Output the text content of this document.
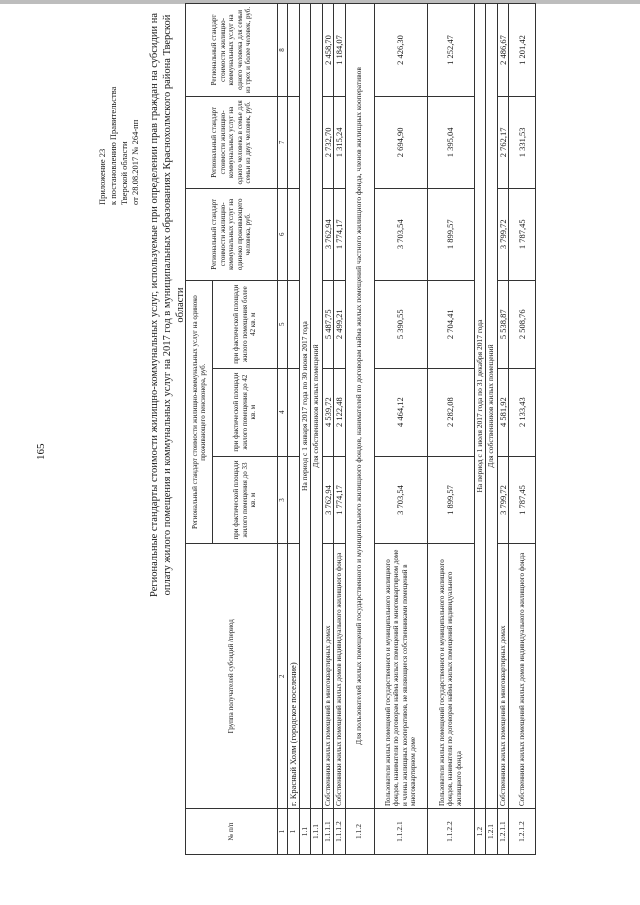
165
Приложение 23 к постановлению Правительства Тверской области от 28.08.2017 № 264-пп Региональные стандарты стоимости жилищно-коммунальных услуг, используемые при определении прав граждан на субсидии на оплату жилого помещения и коммунальных услуг на 2017 год в муниципальных образованиях Краснохолмского района Тверской области
№ п/п	Группа получателей субсидий /период	Региональный стандарт стоимости жилищно-коммунальных услуг на одиноко проживающего пенсионера, руб.			Региональный стандарт стоимости жилищно-коммунальных услуг на одиноко проживающего человека, руб.	Региональный стандарт стоимости жилищно-коммунальных услуг на одного человека в семье для семьи из двух человек, руб.	Региональный стандарт стоимости жилищно-коммунальных услуг на одного человека для семьи из трех и более человек, руб.
		при фактической площади жилого помещения до 33 кв. м	при фактической площади жилого помещения до 42 кв. м	при фактической площади жилого помещения более 42 кв. м			
1	2	3	4	5	6	7	8
1	г. Красный Холм (городское поселение)						
1.1	На период с 1 января 2017 года по 30 июня 2017 года						
1.1.1	Для собственников жилых помещений						
1.1.1.1	Собственники жилых помещений в многоквартирных домах	3 762,94	4 539,72	5 487,75	3 762,94	2 732,70	2 458,70
1.1.1.2	Собственники жилых помещений жилых домов индивидуального жилищного фонда	1 774,17	2 122,48	2 499,21	1 774,17	1 315,24	1 184,07
1.1.2	Для пользователей жилых помещений государственного и муниципального жилищного фондов, нанимателей по договорам найма жилых помещений частного жилищного фонда, членов жилищных кооперативов						
1.1.2.1	Пользователи жилых помещений государственного и муниципального жилищного фондов, наниматели по договорам найма жилых помещений в многоквартирном доме и члены жилищных кооперативов, не являющиеся собственниками помещений в многоквартирном доме	3 703,54	4 464,12	5 390,55	3 703,54	2 694,90	2 426,30
1.1.2.2	Пользователи жилых помещений государственного и муниципального жилищного фондов, наниматели по договорам найма жилых помещений индивидуального жилищного фонда	1 899,57	2 282,08	2 704,41	1 899,57	1 395,04	1 252,47
1.2	На период с 1 июля 2017 года по 31 декабря 2017 года						
1.2.1	Для собственников жилых помещений						
1.2.1.1	Собственники жилых помещений в многоквартирных домах	3 799,72	4 581,92	5 538,87	3 799,72	2 762,17	2 486,67
1.2.1.2	Собственники жилых помещений жилых домов индивидуального жилищного фонда	1 787,45	2 133,43	2 508,76	1 787,45	1 331,53	1 201,42
